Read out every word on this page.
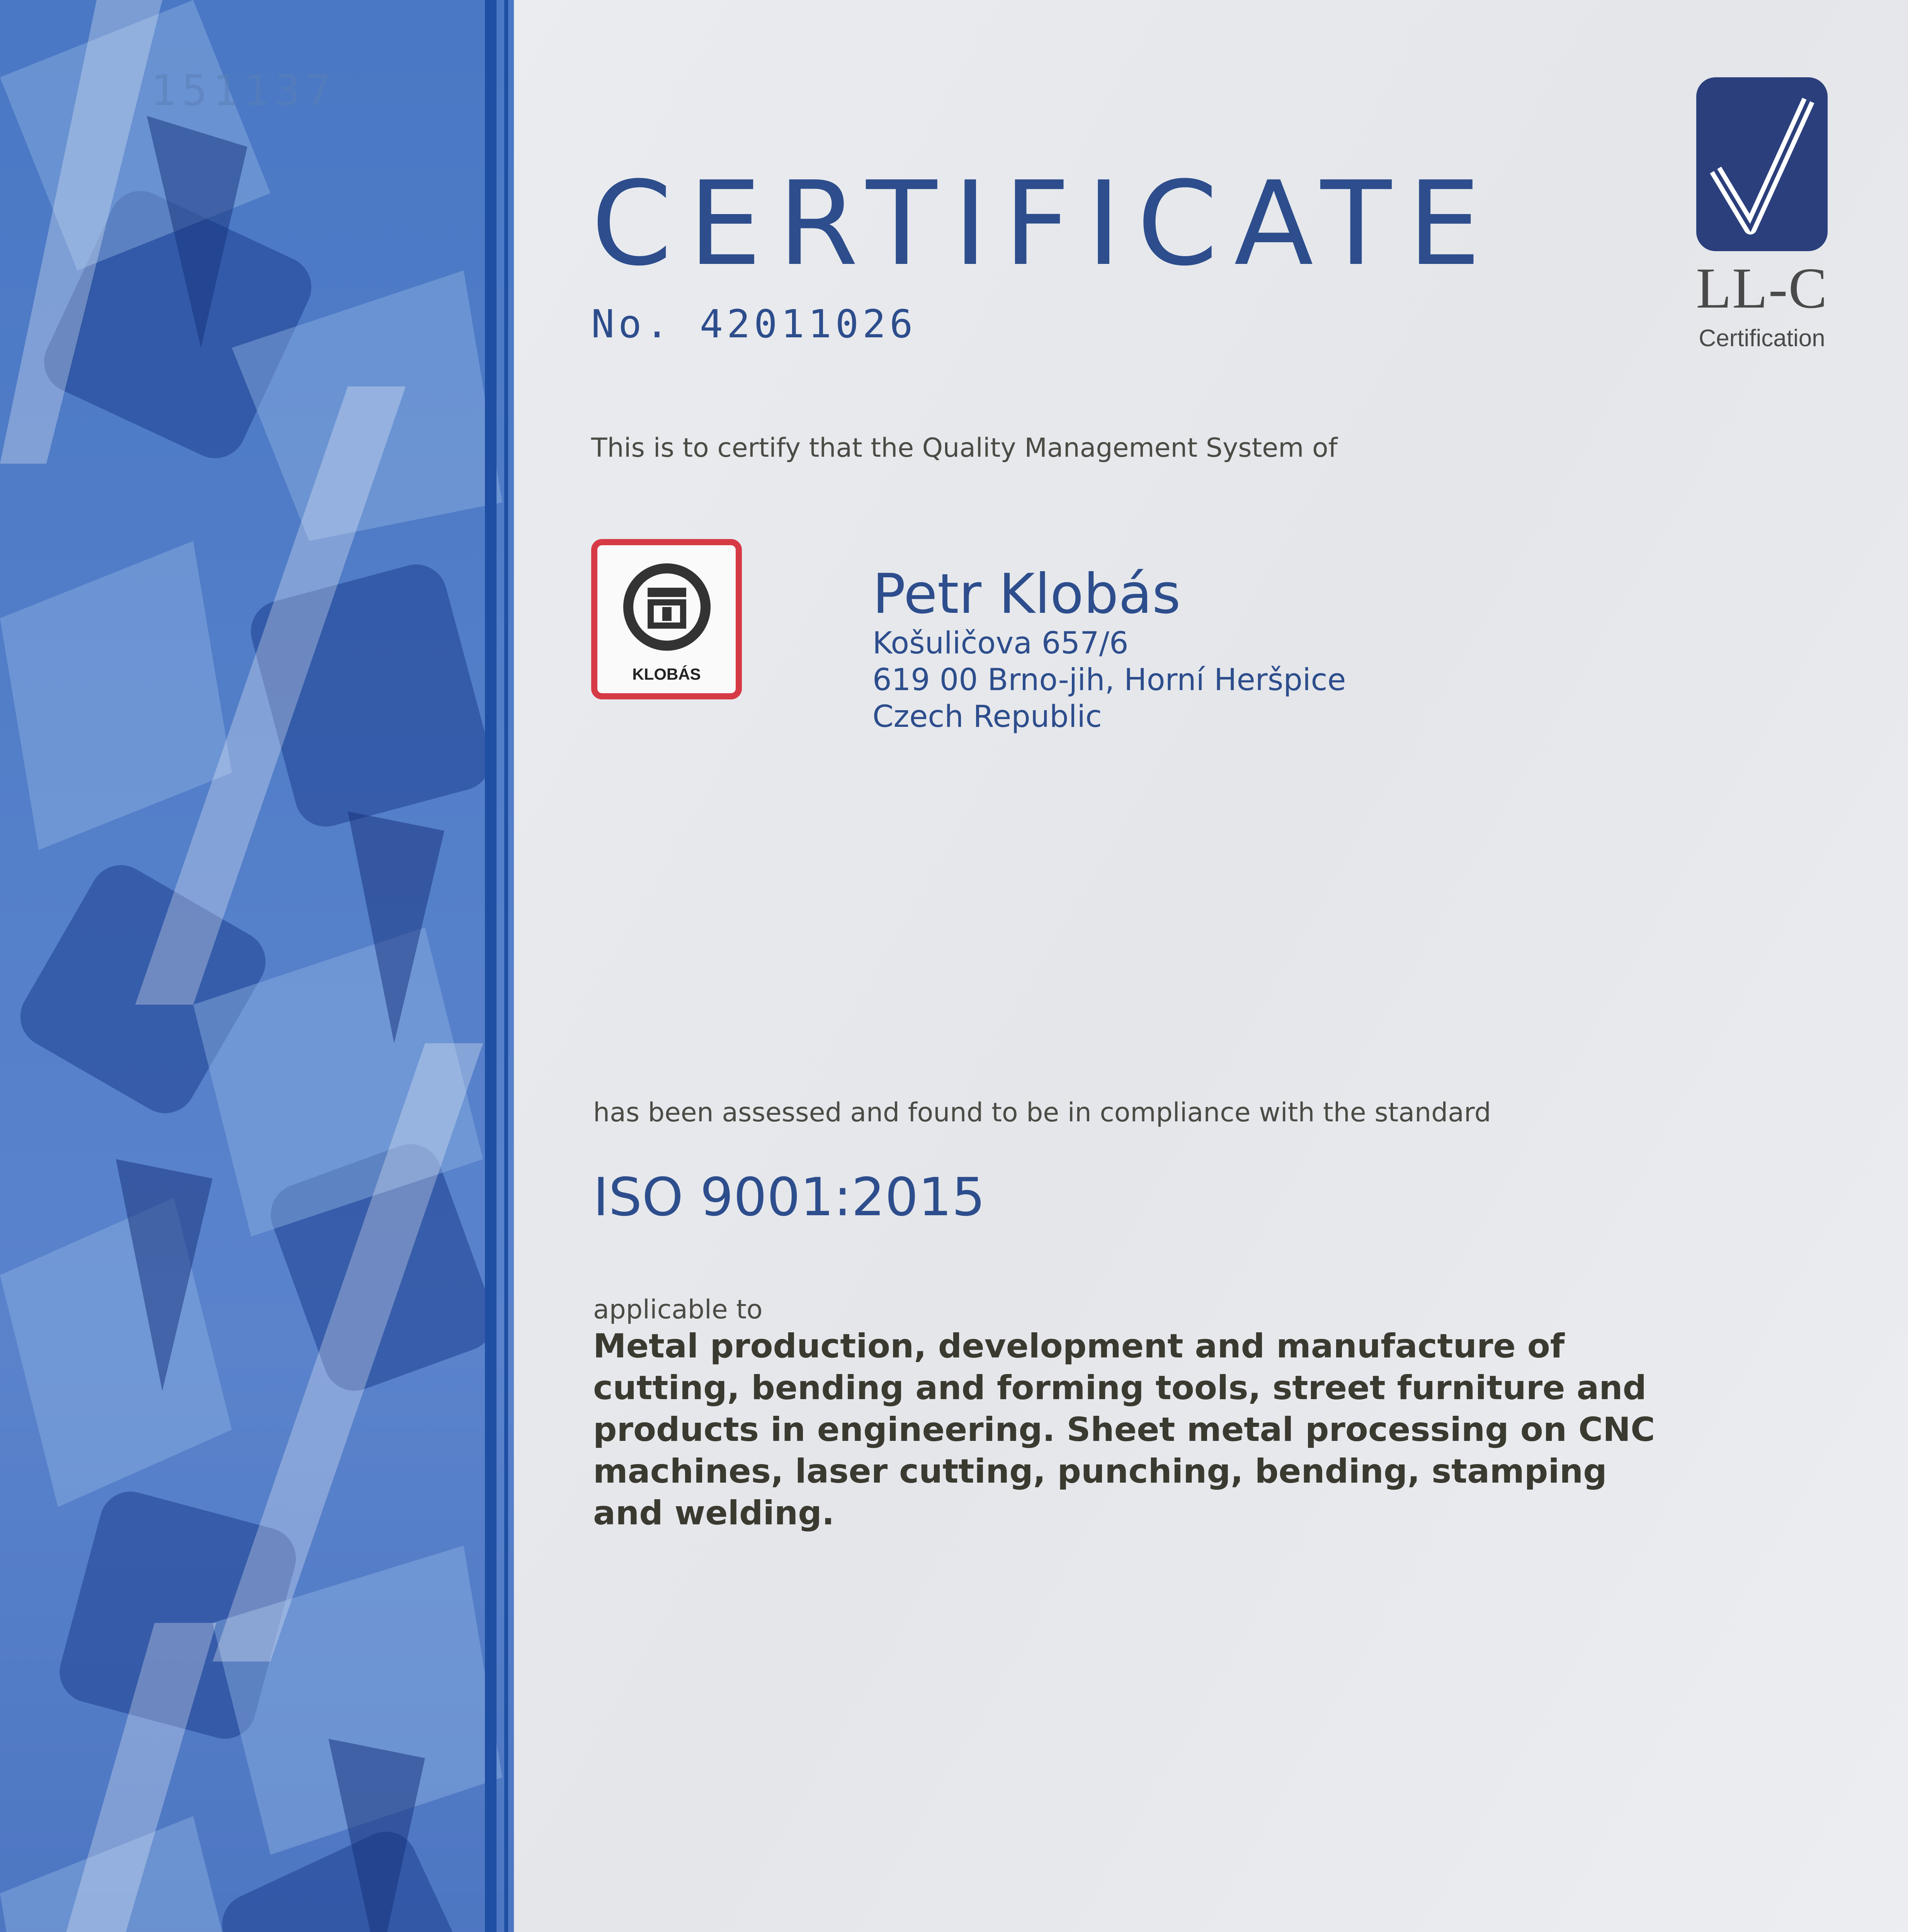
151137
LL-C
Certification
CERTIFICATE
No. 42011026
This is to certify that the Quality Management System of
KLOBÁS
Petr Klobás
Košuličova 657/6
619 00 Brno-jih, Horní Heršpice
Czech Republic
has been assessed and found to be in compliance with the standard
ISO 9001:2015
applicable to
Metal production, development and manufacture of
cutting, bending and forming tools, street furniture and
products in engineering. Sheet metal processing on CNC
machines, laser cutting, punching, bending, stamping
and welding.
